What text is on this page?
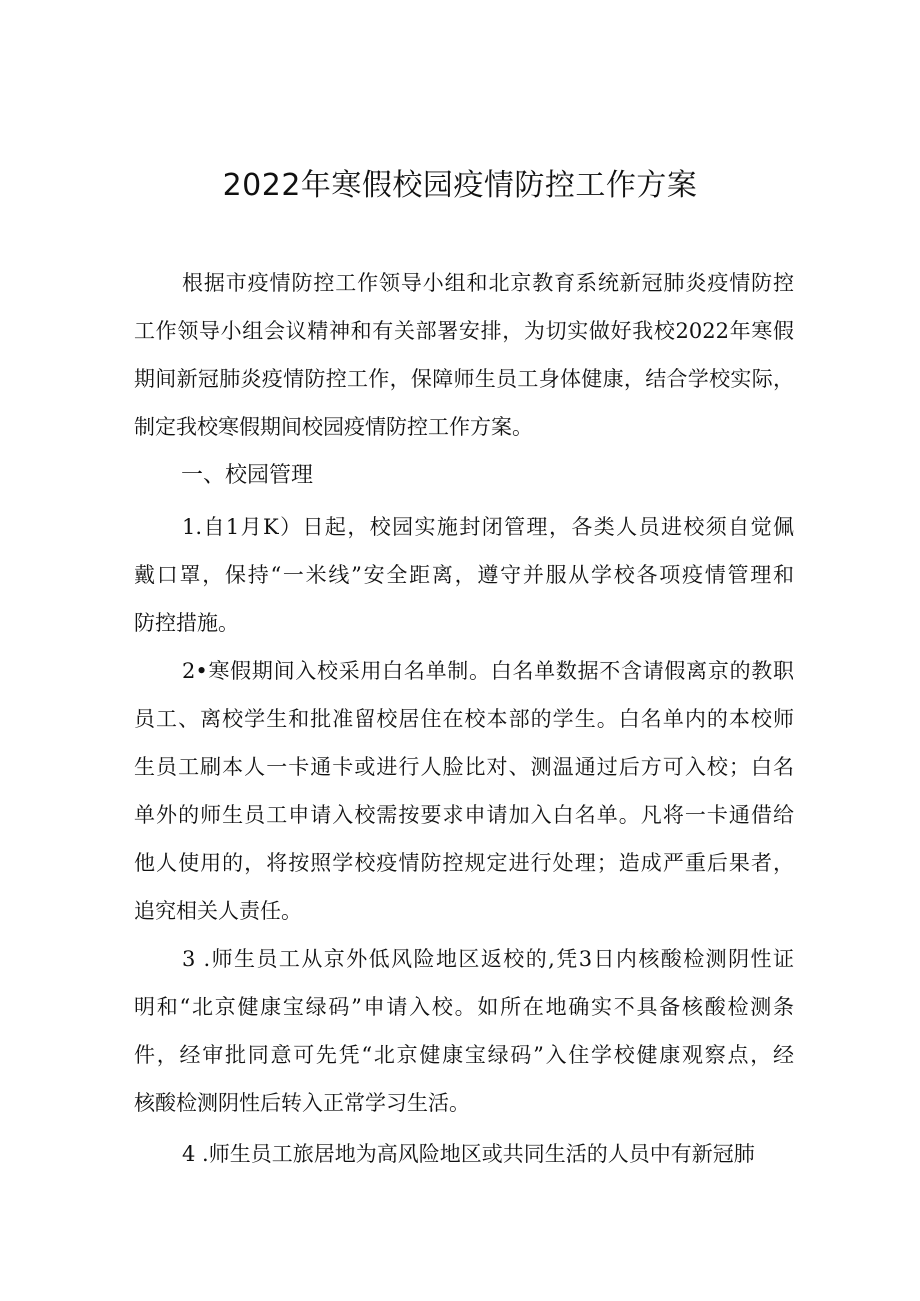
2022年寒假校园疫情防控工作方案
根据市疫情防控工作领导小组和北京教育系统新冠肺炎疫情防控
工作领导小组会议精神和有关部署安排，为切实做好我校2022年寒假
期间新冠肺炎疫情防控工作，保障师生员工身体健康，结合学校实际，
制定我校寒假期间校园疫情防控工作方案。
一、校园管理
1.自1月K）日起，校园实施封闭管理，各类人员进校须自觉佩
戴口罩，保持“一米线”安全距离，遵守并服从学校各项疫情管理和
防控措施。
2•寒假期间入校采用白名单制。白名单数据不含请假离京的教职
员工、离校学生和批准留校居住在校本部的学生。白名单内的本校师
生员工刷本人一卡通卡或进行人脸比对、测温通过后方可入校；白名
单外的师生员工申请入校需按要求申请加入白名单。凡将一卡通借给
他人使用的，将按照学校疫情防控规定进行处理；造成严重后果者，
追究相关人责任。
3 .师生员工从京外低风险地区返校的,凭3日内核酸检测阴性证
明和“北京健康宝绿码”申请入校。如所在地确实不具备核酸检测条
件，经审批同意可先凭“北京健康宝绿码”入住学校健康观察点，经
核酸检测阴性后转入正常学习生活。
4 .师生员工旅居地为高风险地区或共同生活的人员中有新冠肺
